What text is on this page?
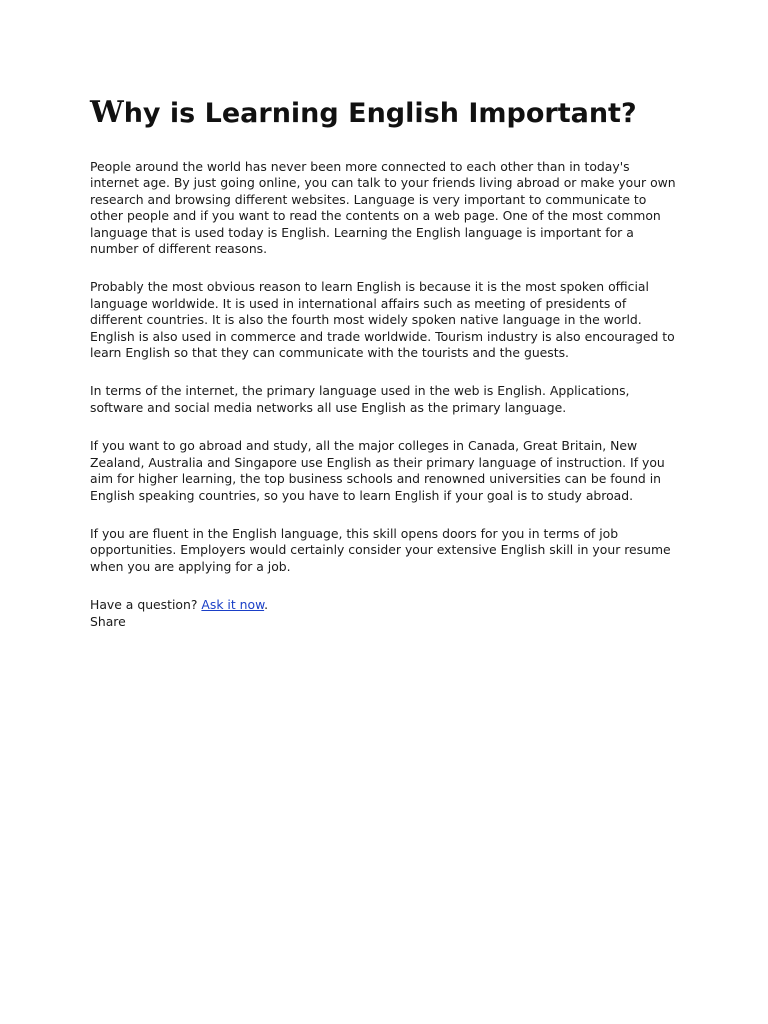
Why is Learning English Important?

People around the world has never been more connected to each other than in today's internet age. By just going online, you can talk to your friends living abroad or make your own research and browsing different websites. Language is very important to communicate to other people and if you want to read the contents on a web page. One of the most common language that is used today is English. Learning the English language is important for a number of different reasons.

Probably the most obvious reason to learn English is because it is the most spoken official language worldwide. It is used in international affairs such as meeting of presidents of different countries. It is also the fourth most widely spoken native language in the world. English is also used in commerce and trade worldwide. Tourism industry is also encouraged to learn English so that they can communicate with the tourists and the guests.

In terms of the internet, the primary language used in the web is English. Applications, software and social media networks all use English as the primary language.

If you want to go abroad and study, all the major colleges in Canada, Great Britain, New Zealand, Australia and Singapore use English as their primary language of instruction. If you aim for higher learning, the top business schools and renowned universities can be found in English speaking countries, so you have to learn English if your goal is to study abroad.

If you are fluent in the English language, this skill opens doors for you in terms of job opportunities. Employers would certainly consider your extensive English skill in your resume when you are applying for a job.

Have a question? Ask it now.
Share
